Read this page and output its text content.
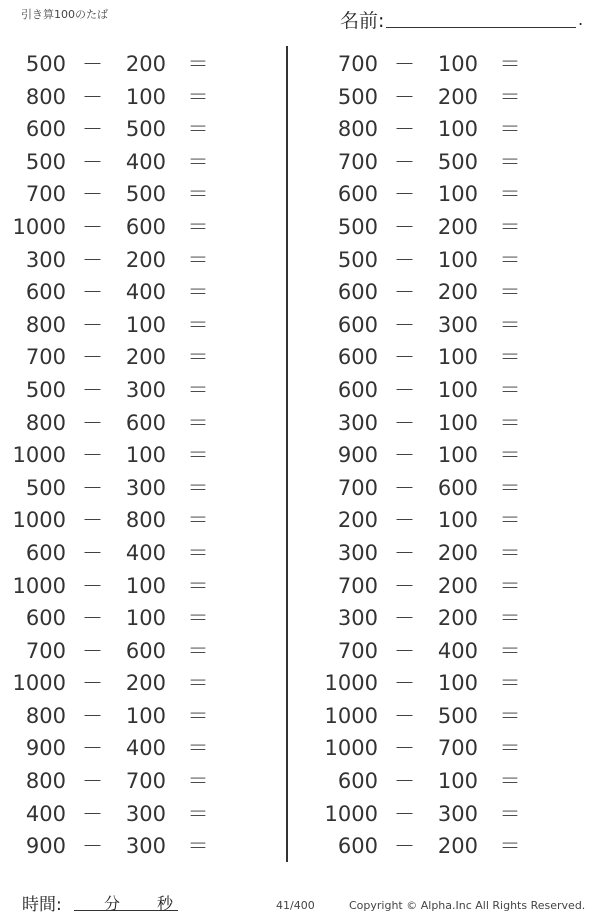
引き算100のたば	名前:	.
500 －	200 ＝
800 －	100 ＝
600 －	500 ＝
500 －	400 ＝
700 －	500 ＝
1000 －	600 ＝
300 －	200 ＝
600 －	400 ＝
800 －	100 ＝
700 －	200 ＝
500 －	300 ＝
800 －	600 ＝
1000 －	100 ＝
500 －	300 ＝
1000 －	800 ＝
600 －	400 ＝
1000 －	100 ＝
600 －	100 ＝
700 －	600 ＝
1000 －	200 ＝
800 －	100 ＝
900 －	400 ＝
800 －	700 ＝
400 －	300 ＝
900 －	300 ＝
700 －	100 ＝
500 －	200 ＝
800 －	100 ＝
700 －	500 ＝
600 －	100 ＝
500 －	200 ＝
500 －	100 ＝
600 －	200 ＝
600 －	300 ＝
600 －	100 ＝
600 －	100 ＝
300 －	100 ＝
900 －	100 ＝
700 －	600 ＝
200 －	100 ＝
300 －	200 ＝
700 －	200 ＝
300 －	200 ＝
700 －	400 ＝
1000 －	100 ＝
1000 －	500 ＝
1000 －	700 ＝
600 －	100 ＝
1000 －	300 ＝
600 －	200 ＝
時間:	分 秒	41/400	Copyright © Alpha.Inc All Rights Reserved.
